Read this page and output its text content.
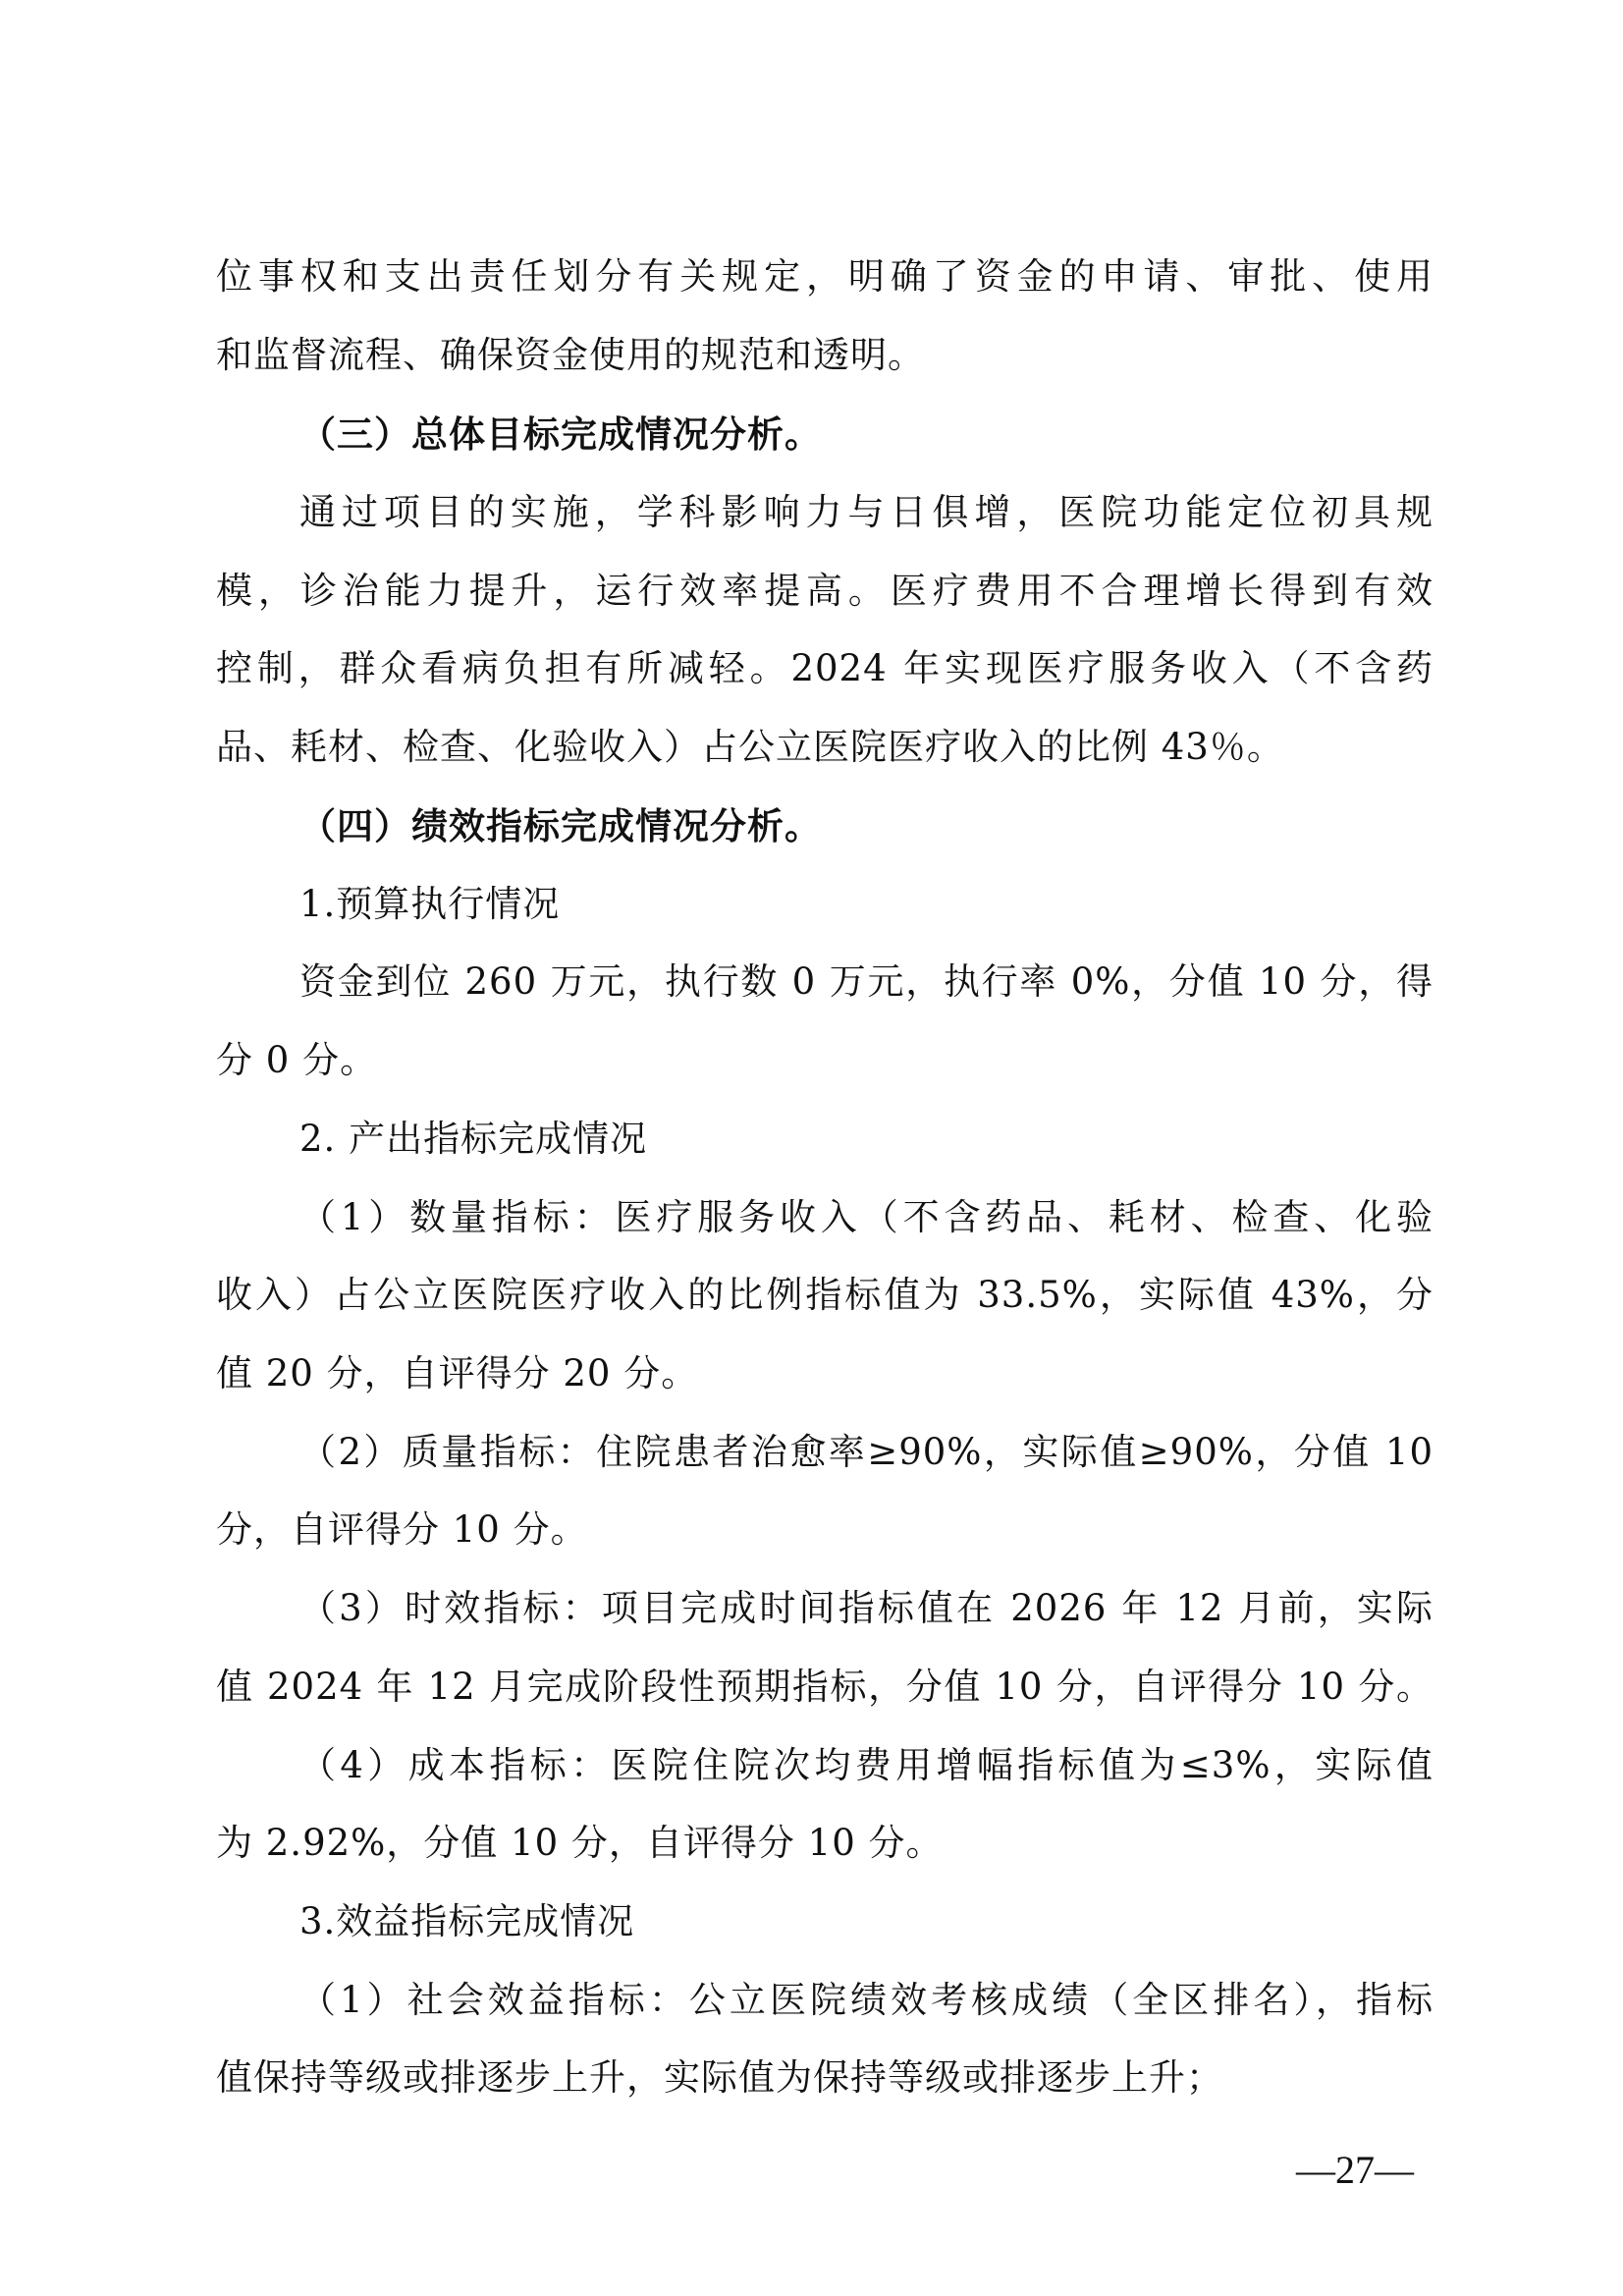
位事权和支出责任划分有关规定，明确了资金的申请、审批、使用
和监督流程、确保资金使用的规范和透明。
（三）总体目标完成情况分析。
通过项目的实施，学科影响力与日俱增，医院功能定位初具规
模，诊治能力提升，运行效率提高。医疗费用不合理增长得到有效
控制，群众看病负担有所减轻。2024 年实现医疗服务收入（不含药
品、耗材、检查、化验收入）占公立医院医疗收入的比例 43％。
（四）绩效指标完成情况分析。
1.预算执行情况
资金到位 260 万元，执行数 0 万元，执行率 0%，分值 10 分，得
分 0 分。
2. 产出指标完成情况
（1）数量指标：医疗服务收入（不含药品、耗材、检查、化验
收入）占公立医院医疗收入的比例指标值为 33.5%，实际值 43%，分
值 20 分，自评得分 20 分。
（2）质量指标：住院患者治愈率≥90%，实际值≥90%，分值 10
分，自评得分 10 分。
（3）时效指标：项目完成时间指标值在 2026 年 12 月前，实际
值 2024 年 12 月完成阶段性预期指标，分值 10 分，自评得分 10 分。
（4）成本指标：医院住院次均费用增幅指标值为≤3%，实际值
为 2.92%，分值 10 分，自评得分 10 分。
3.效益指标完成情况
（1）社会效益指标：公立医院绩效考核成绩（全区排名），指标
值保持等级或排逐步上升，实际值为保持等级或排逐步上升；
—27—
